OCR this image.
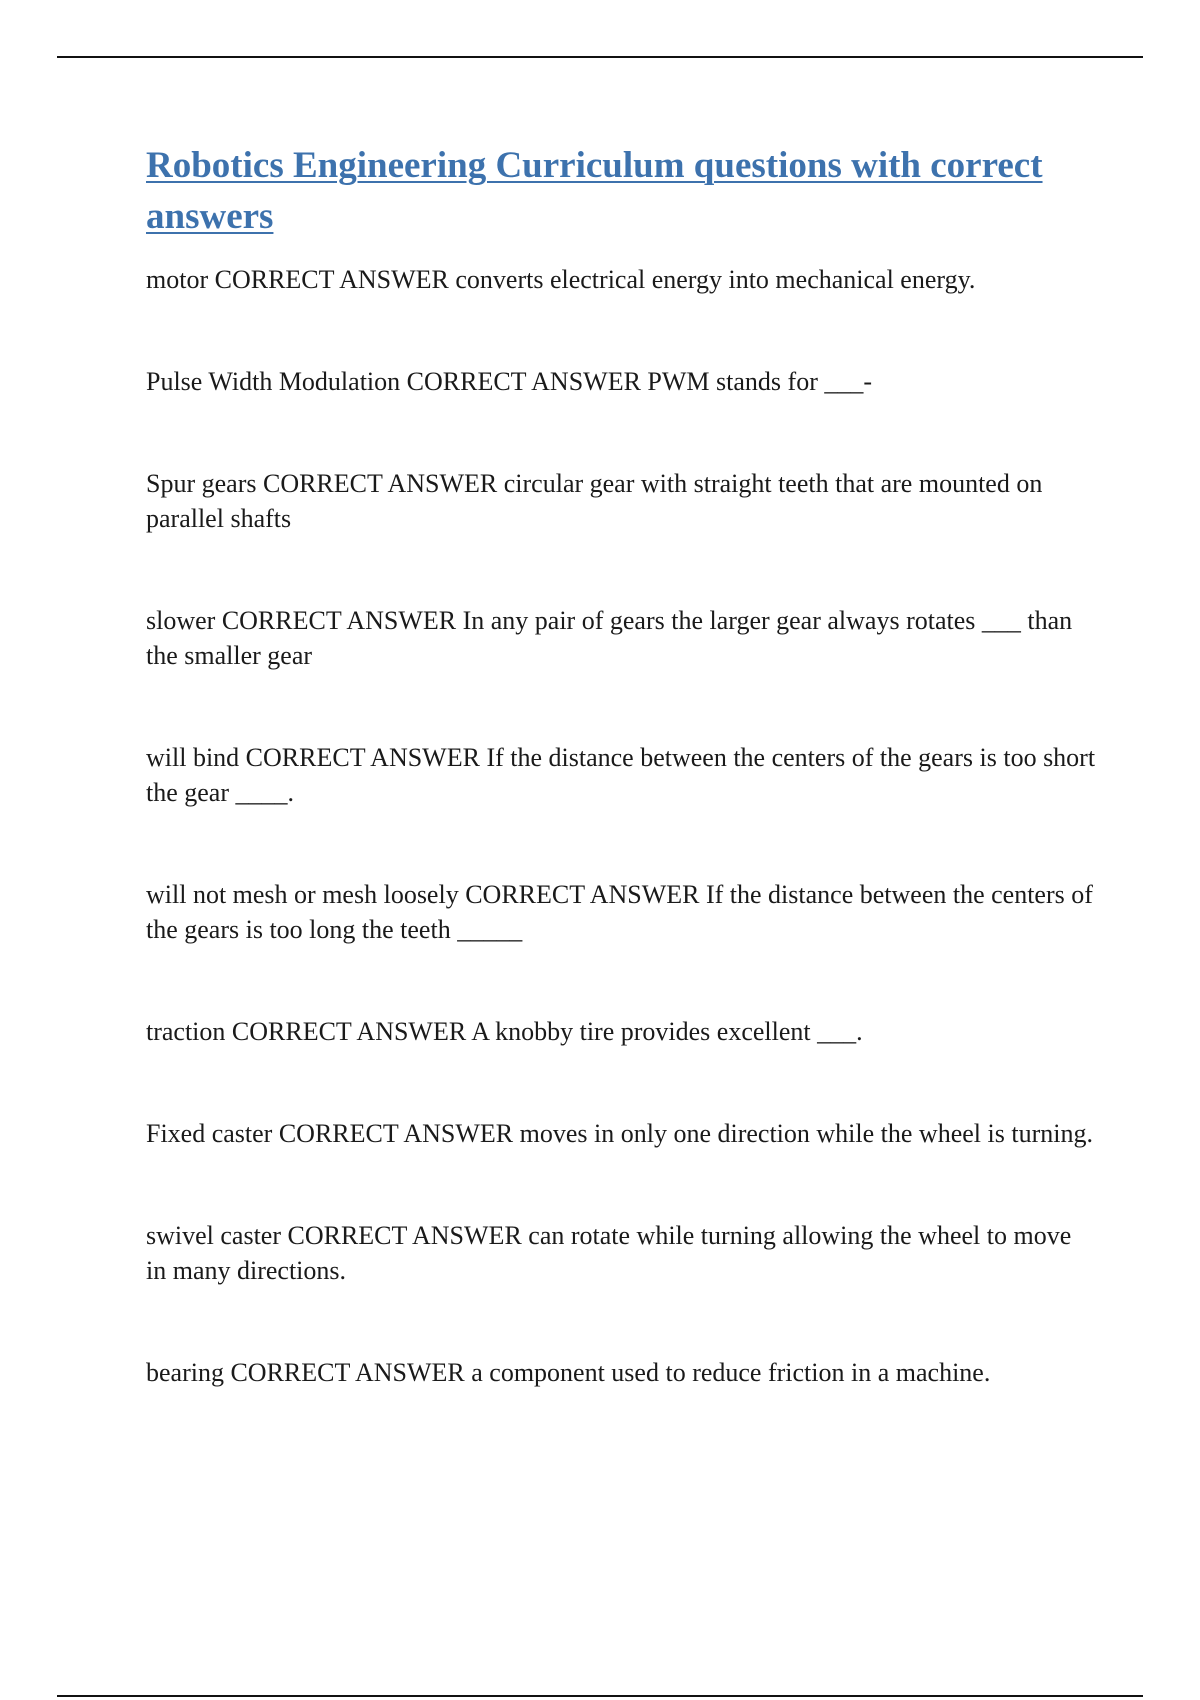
Robotics Engineering Curriculum questions with correct answers
motor CORRECT ANSWER converts electrical energy into mechanical energy.
Pulse Width Modulation CORRECT ANSWER PWM stands for ___-
Spur gears CORRECT ANSWER circular gear with straight teeth that are mounted on parallel shafts
slower CORRECT ANSWER In any pair of gears the larger gear always rotates ___ than the smaller gear
will bind CORRECT ANSWER If the distance between the centers of the gears is too short the gear ____.
will not mesh or mesh loosely CORRECT ANSWER If the distance between the centers of the gears is too long the teeth _____
traction CORRECT ANSWER A knobby tire provides excellent ___.
Fixed caster CORRECT ANSWER moves in only one direction while the wheel is turning.
swivel caster CORRECT ANSWER can rotate while turning allowing the wheel to move in many directions.
bearing CORRECT ANSWER a component used to reduce friction in a machine.
